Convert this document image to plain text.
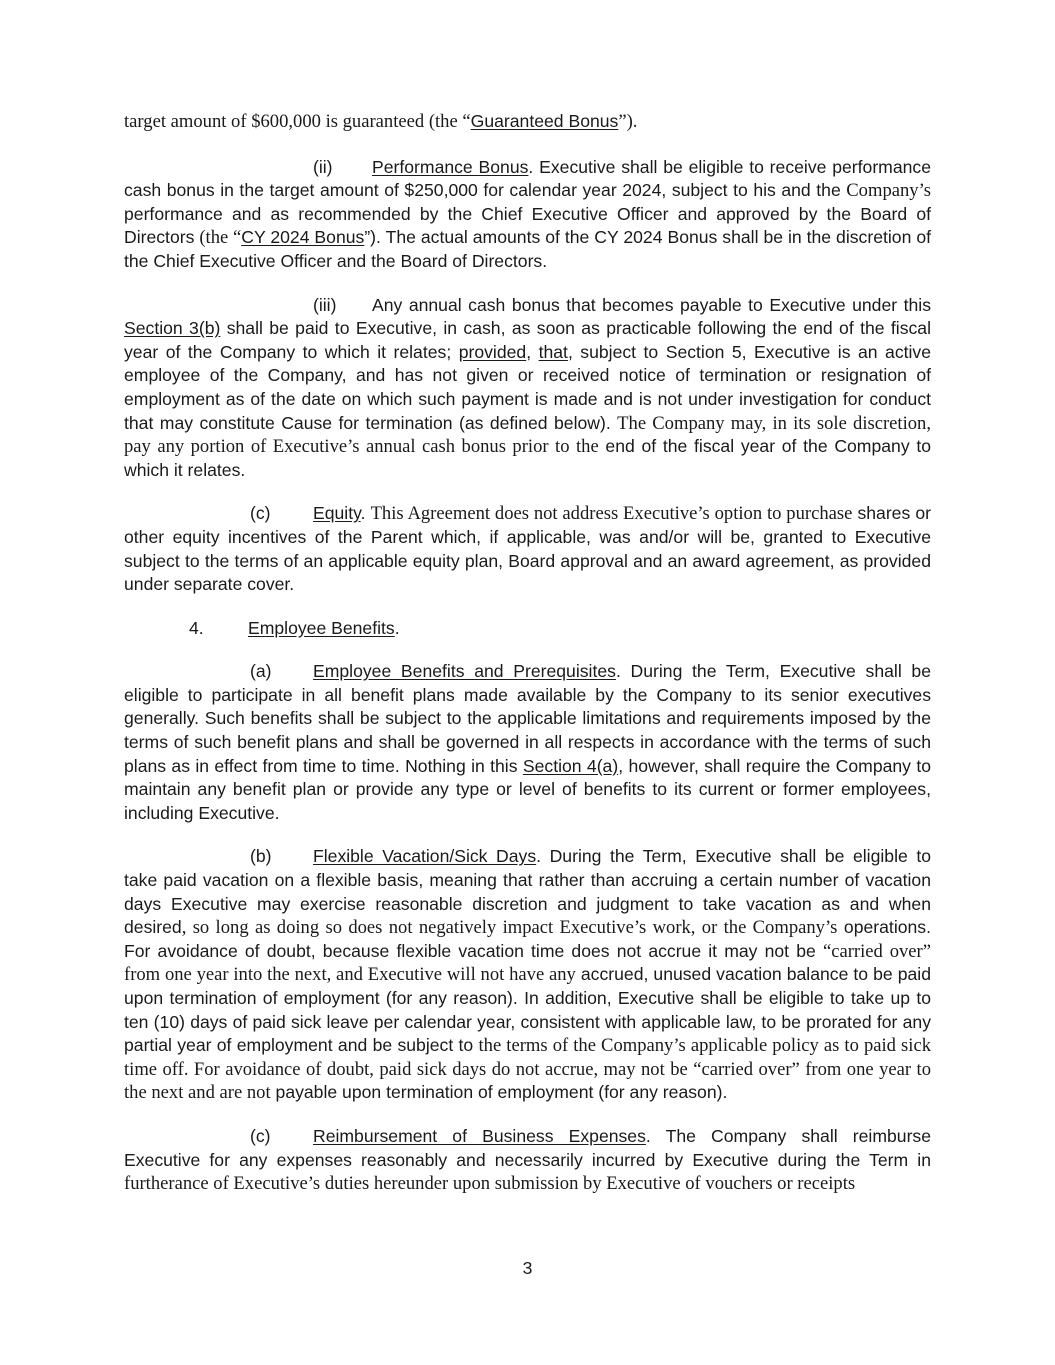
target amount of $600,000 is guaranteed (the “Guaranteed Bonus”).

(ii) Performance Bonus. Executive shall be eligible to receive performance cash bonus in the target amount of $250,000 for calendar year 2024, subject to his and the Company’s performance and as recommended by the Chief Executive Officer and approved by the Board of Directors (the “CY 2024 Bonus”). The actual amounts of the CY 2024 Bonus shall be in the discretion of the Chief Executive Officer and the Board of Directors.

(iii) Any annual cash bonus that becomes payable to Executive under this Section 3(b) shall be paid to Executive, in cash, as soon as practicable following the end of the fiscal year of the Company to which it relates; provided, that, subject to Section 5, Executive is an active employee of the Company, and has not given or received notice of termination or resignation of employment as of the date on which such payment is made and is not under investigation for conduct that may constitute Cause for termination (as defined below). The Company may, in its sole discretion, pay any portion of Executive’s annual cash bonus prior to the end of the fiscal year of the Company to which it relates.

(c) Equity. This Agreement does not address Executive’s option to purchase shares or other equity incentives of the Parent which, if applicable, was and/or will be, granted to Executive subject to the terms of an applicable equity plan, Board approval and an award agreement, as provided under separate cover.

4.	Employee Benefits.

(a) Employee Benefits and Prerequisites. During the Term, Executive shall be eligible to participate in all benefit plans made available by the Company to its senior executives generally. Such benefits shall be subject to the applicable limitations and requirements imposed by the terms of such benefit plans and shall be governed in all respects in accordance with the terms of such plans as in effect from time to time. Nothing in this Section 4(a), however, shall require the Company to maintain any benefit plan or provide any type or level of benefits to its current or former employees, including Executive.

(b) Flexible Vacation/Sick Days. During the Term, Executive shall be eligible to take paid vacation on a flexible basis, meaning that rather than accruing a certain number of vacation days Executive may exercise reasonable discretion and judgment to take vacation as and when desired, so long as doing so does not negatively impact Executive’s work, or the Company’s operations. For avoidance of doubt, because flexible vacation time does not accrue it may not be “carried over” from one year into the next, and Executive will not have any accrued, unused vacation balance to be paid upon termination of employment (for any reason). In addition, Executive shall be eligible to take up to ten (10) days of paid sick leave per calendar year, consistent with applicable law, to be prorated for any partial year of employment and be subject to the terms of the Company’s applicable policy as to paid sick time off. For avoidance of doubt, paid sick days do not accrue, may not be “carried over” from one year to the next and are not payable upon termination of employment (for any reason).

(c) Reimbursement of Business Expenses. The Company shall reimburse Executive for any expenses reasonably and necessarily incurred by Executive during the Term in furtherance of Executive’s duties hereunder upon submission by Executive of vouchers or receipts

3
